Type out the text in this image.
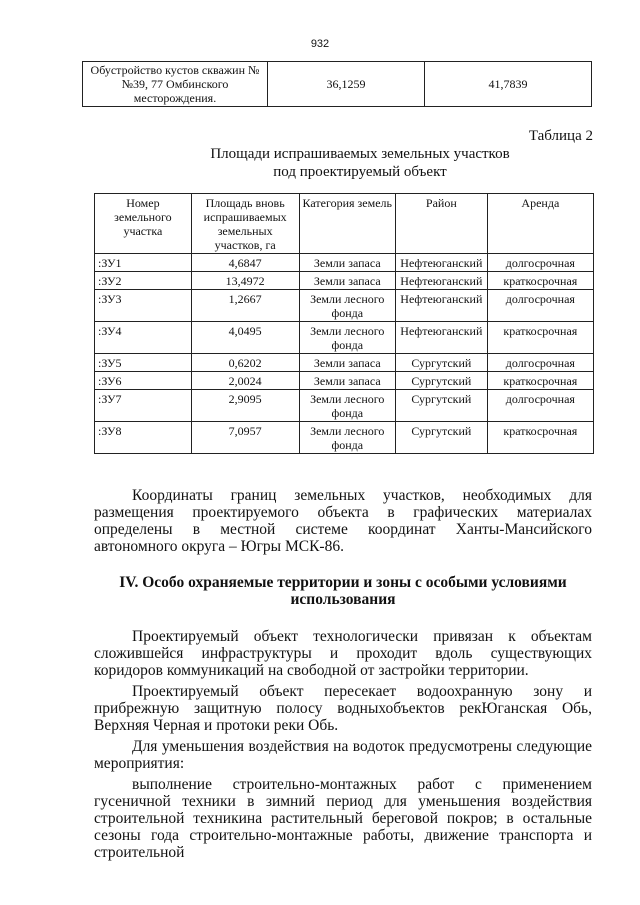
932
Обустройство кустов скважин №№39, 77 Омбинского месторождения.	36,1259	41,7839
Таблица 2
Площади испрашиваемых земельных участков
под проектируемый объект
Номер земельного участка	Площадь вновь испрашиваемых земельных участков, га	Категория земель	Район	Аренда
:ЗУ1	4,6847	Земли запаса	Нефтеюганский	долгосрочная
:ЗУ2	13,4972	Земли запаса	Нефтеюганский	краткосрочная
:ЗУ3	1,2667	Земли лесного фонда	Нефтеюганский	долгосрочная
:ЗУ4	4,0495	Земли лесного фонда	Нефтеюганский	краткосрочная
:ЗУ5	0,6202	Земли запаса	Сургутский	долгосрочная
:ЗУ6	2,0024	Земли запаса	Сургутский	краткосрочная
:ЗУ7	2,9095	Земли лесного фонда	Сургутский	долгосрочная
:ЗУ8	7,0957	Земли лесного фонда	Сургутский	краткосрочная

Координаты границ земельных участков, необходимых для размещения проектируемого объекта в графических материалах определены в местной системе координат Ханты-Мансийского автономного округа – Югры МСК-86.

IV. Особо охраняемые территории и зоны с особыми условиями использования

Проектируемый объект технологически привязан к объектам сложившейся инфраструктуры и проходит вдоль существующих коридоров коммуникаций на свободной от застройки территории.

Проектируемый объект пересекает водоохранную зону и прибрежную защитную полосу водныхобъектов рекЮганская Обь, Верхняя Черная и протоки реки Обь.

Для уменьшения воздействия на водоток предусмотрены следующие мероприятия:

выполнение строительно-монтажных работ с применением гусеничной техники в зимний период для уменьшения воздействия строительной техникина растительный береговой покров; в остальные сезоны года строительно-монтажные работы, движение транспорта и строительной
